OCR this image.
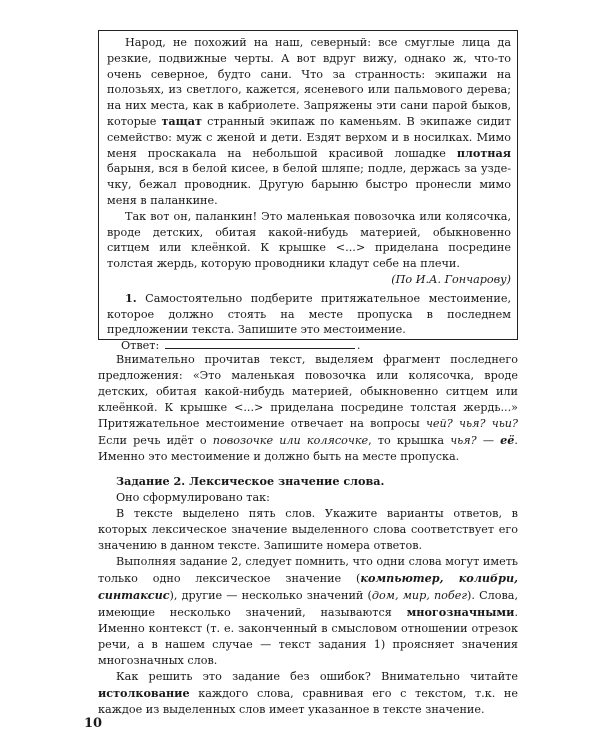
Народ, не похожий на наш, северный: все смуглые лица да резкие, подвижные черты. А вот вдруг вижу, однако ж, что-то очень северное, будто сани. Что за странность: экипажи на полозьях, из светлого, кажется, ясеневого или пальмового дерева; на них места, как в кабриолете. Запряжены эти сани парой быков, которые тащат странный экипаж по каменьям. В экипаже сидит семейство: муж с женой и дети. Ездят верхом и в носилках. Мимо меня проскакала на небольшой красивой лошадке плотная барыня, вся в белой кисее, в белой шляпе; подле, держась за уздечку, бежал проводник. Другую барыню быстро пронесли мимо меня в паланкине.

Так вот он, паланкин! Это маленькая повозочка или колясочка, вроде детских, обитая какой-нибудь материей, обыкновенно ситцем или клеёнкой. К крышке <...> приделана посредине толстая жердь, которую проводники кладут себе на плечи.

(По И.А. Гончарову)

1. Самостоятельно подберите притяжательное местоимение, которое должно стоять на месте пропуска в последнем предложении текста. Запишите это местоимение.

Ответ:	.

Внимательно прочитав текст, выделяем фрагмент последнего предложения: «Это маленькая повозочка или колясочка, вроде детских, обитая какой-нибудь материей, обыкновенно ситцем или клеёнкой. К крышке <...> приделана посредине толстая жердь...» Притяжательное местоимение отвечает на вопросы чей? чья? чьи? Если речь идёт о повозочке или колясочке, то крышка чья? — её. Именно это местоимение и должно быть на месте пропуска.

Задание 2. Лексическое значение слова.

Оно сформулировано так:

В тексте выделено пять слов. Укажите варианты ответов, в которых лексическое значение выделенного слова соответствует его значению в данном тексте. Запишите номера ответов.

Выполняя задание 2, следует помнить, что одни слова могут иметь только одно лексическое значение (компьютер, колибри, синтаксис), другие — несколько значений (дом, мир, побег). Слова, имеющие несколько значений, называются многозначными. Именно контекст (т. е. законченный в смысловом отношении отрезок речи, а в нашем случае — текст задания 1) проясняет значения многозначных слов.

Как решить это задание без ошибок? Внимательно читайте истолкование каждого слова, сравнивая его с текстом, т.к. не каждое из выделенных слов имеет указанное в тексте значение.

10
